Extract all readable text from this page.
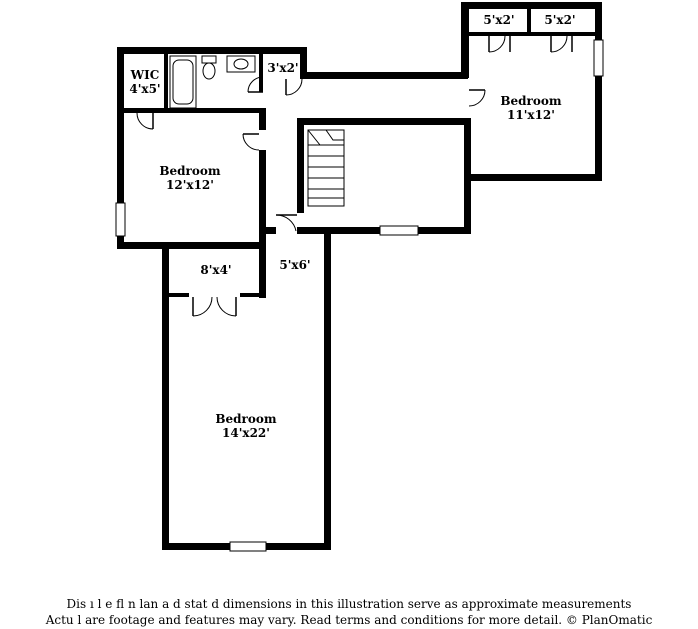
Bedroom
11'x12'
5'x2' 5'x2'
WIC
4'x5'
3'x2'
Bedroom
12'x12'
8'x4'	5'x6'
Bedroom
14'x22'
Dis ı l e fl n lan a d stat d dimensions in this illustration serve as approximate measurements
Actu l are footage and features may vary. Read terms and conditions for more detail. © PlanOmatic
